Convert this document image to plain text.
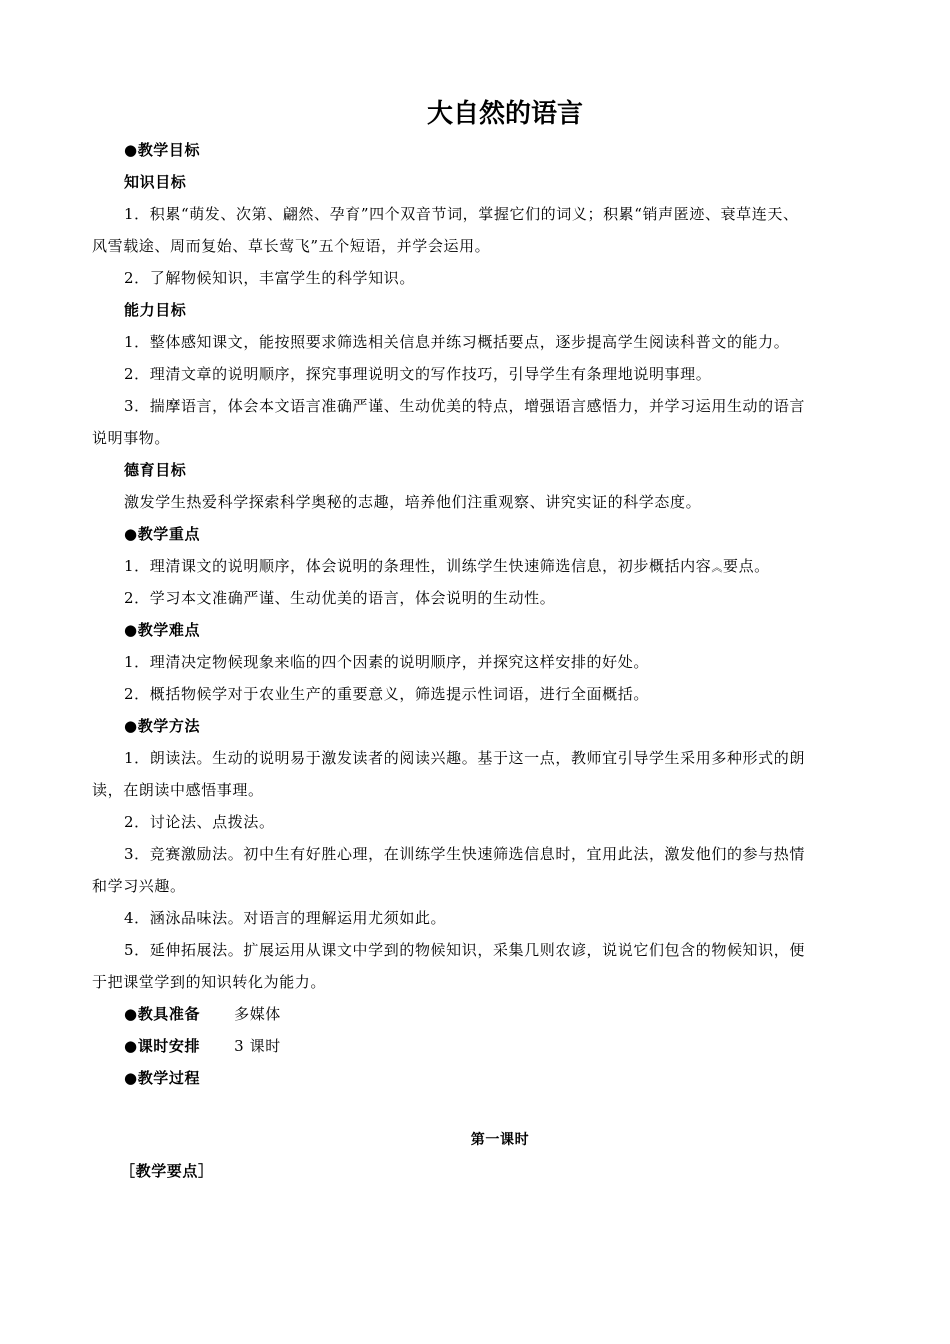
大自然的语言
●教学目标
知识目标
1．积累“萌发、次第、翩然、孕育”四个双音节词，掌握它们的词义；积累“销声匿迹、衰草连天、
风雪载途、周而复始、草长莺飞”五个短语，并学会运用。
2．了解物候知识，丰富学生的科学知识。
能力目标
1．整体感知课文，能按照要求筛选相关信息并练习概括要点，逐步提高学生阅读科普文的能力。
2．理清文章的说明顺序，探究事理说明文的写作技巧，引导学生有条理地说明事理。
3．揣摩语言，体会本文语言准确严谨、生动优美的特点，增强语言感悟力，并学习运用生动的语言
说明事物。
德育目标
激发学生热爱科学探索科学奥秘的志趣，培养他们注重观察、讲究实证的科学态度。
●教学重点
1．理清课文的说明顺序，体会说明的条理性，训练学生快速筛选信息，初步概括内容︽要点。
2．学习本文准确严谨、生动优美的语言，体会说明的生动性。
●教学难点
1．理清决定物候现象来临的四个因素的说明顺序，并探究这样安排的好处。
2．概括物候学对于农业生产的重要意义，筛选提示性词语，进行全面概括。
●教学方法
1．朗读法。生动的说明易于激发读者的阅读兴趣。基于这一点，教师宜引导学生采用多种形式的朗
读，在朗读中感悟事理。
2．讨论法、点拨法。
3．竞赛激励法。初中生有好胜心理，在训练学生快速筛选信息时，宜用此法，激发他们的参与热情
和学习兴趣。
4．涵泳品味法。对语言的理解运用尤须如此。
5．延伸拓展法。扩展运用从课文中学到的物候知识，采集几则农谚，说说它们包含的物候知识，便
于把课堂学到的知识转化为能力。
●教具准备 多媒体
●课时安排 3 课时
●教学过程
第一课时
［教学要点］
